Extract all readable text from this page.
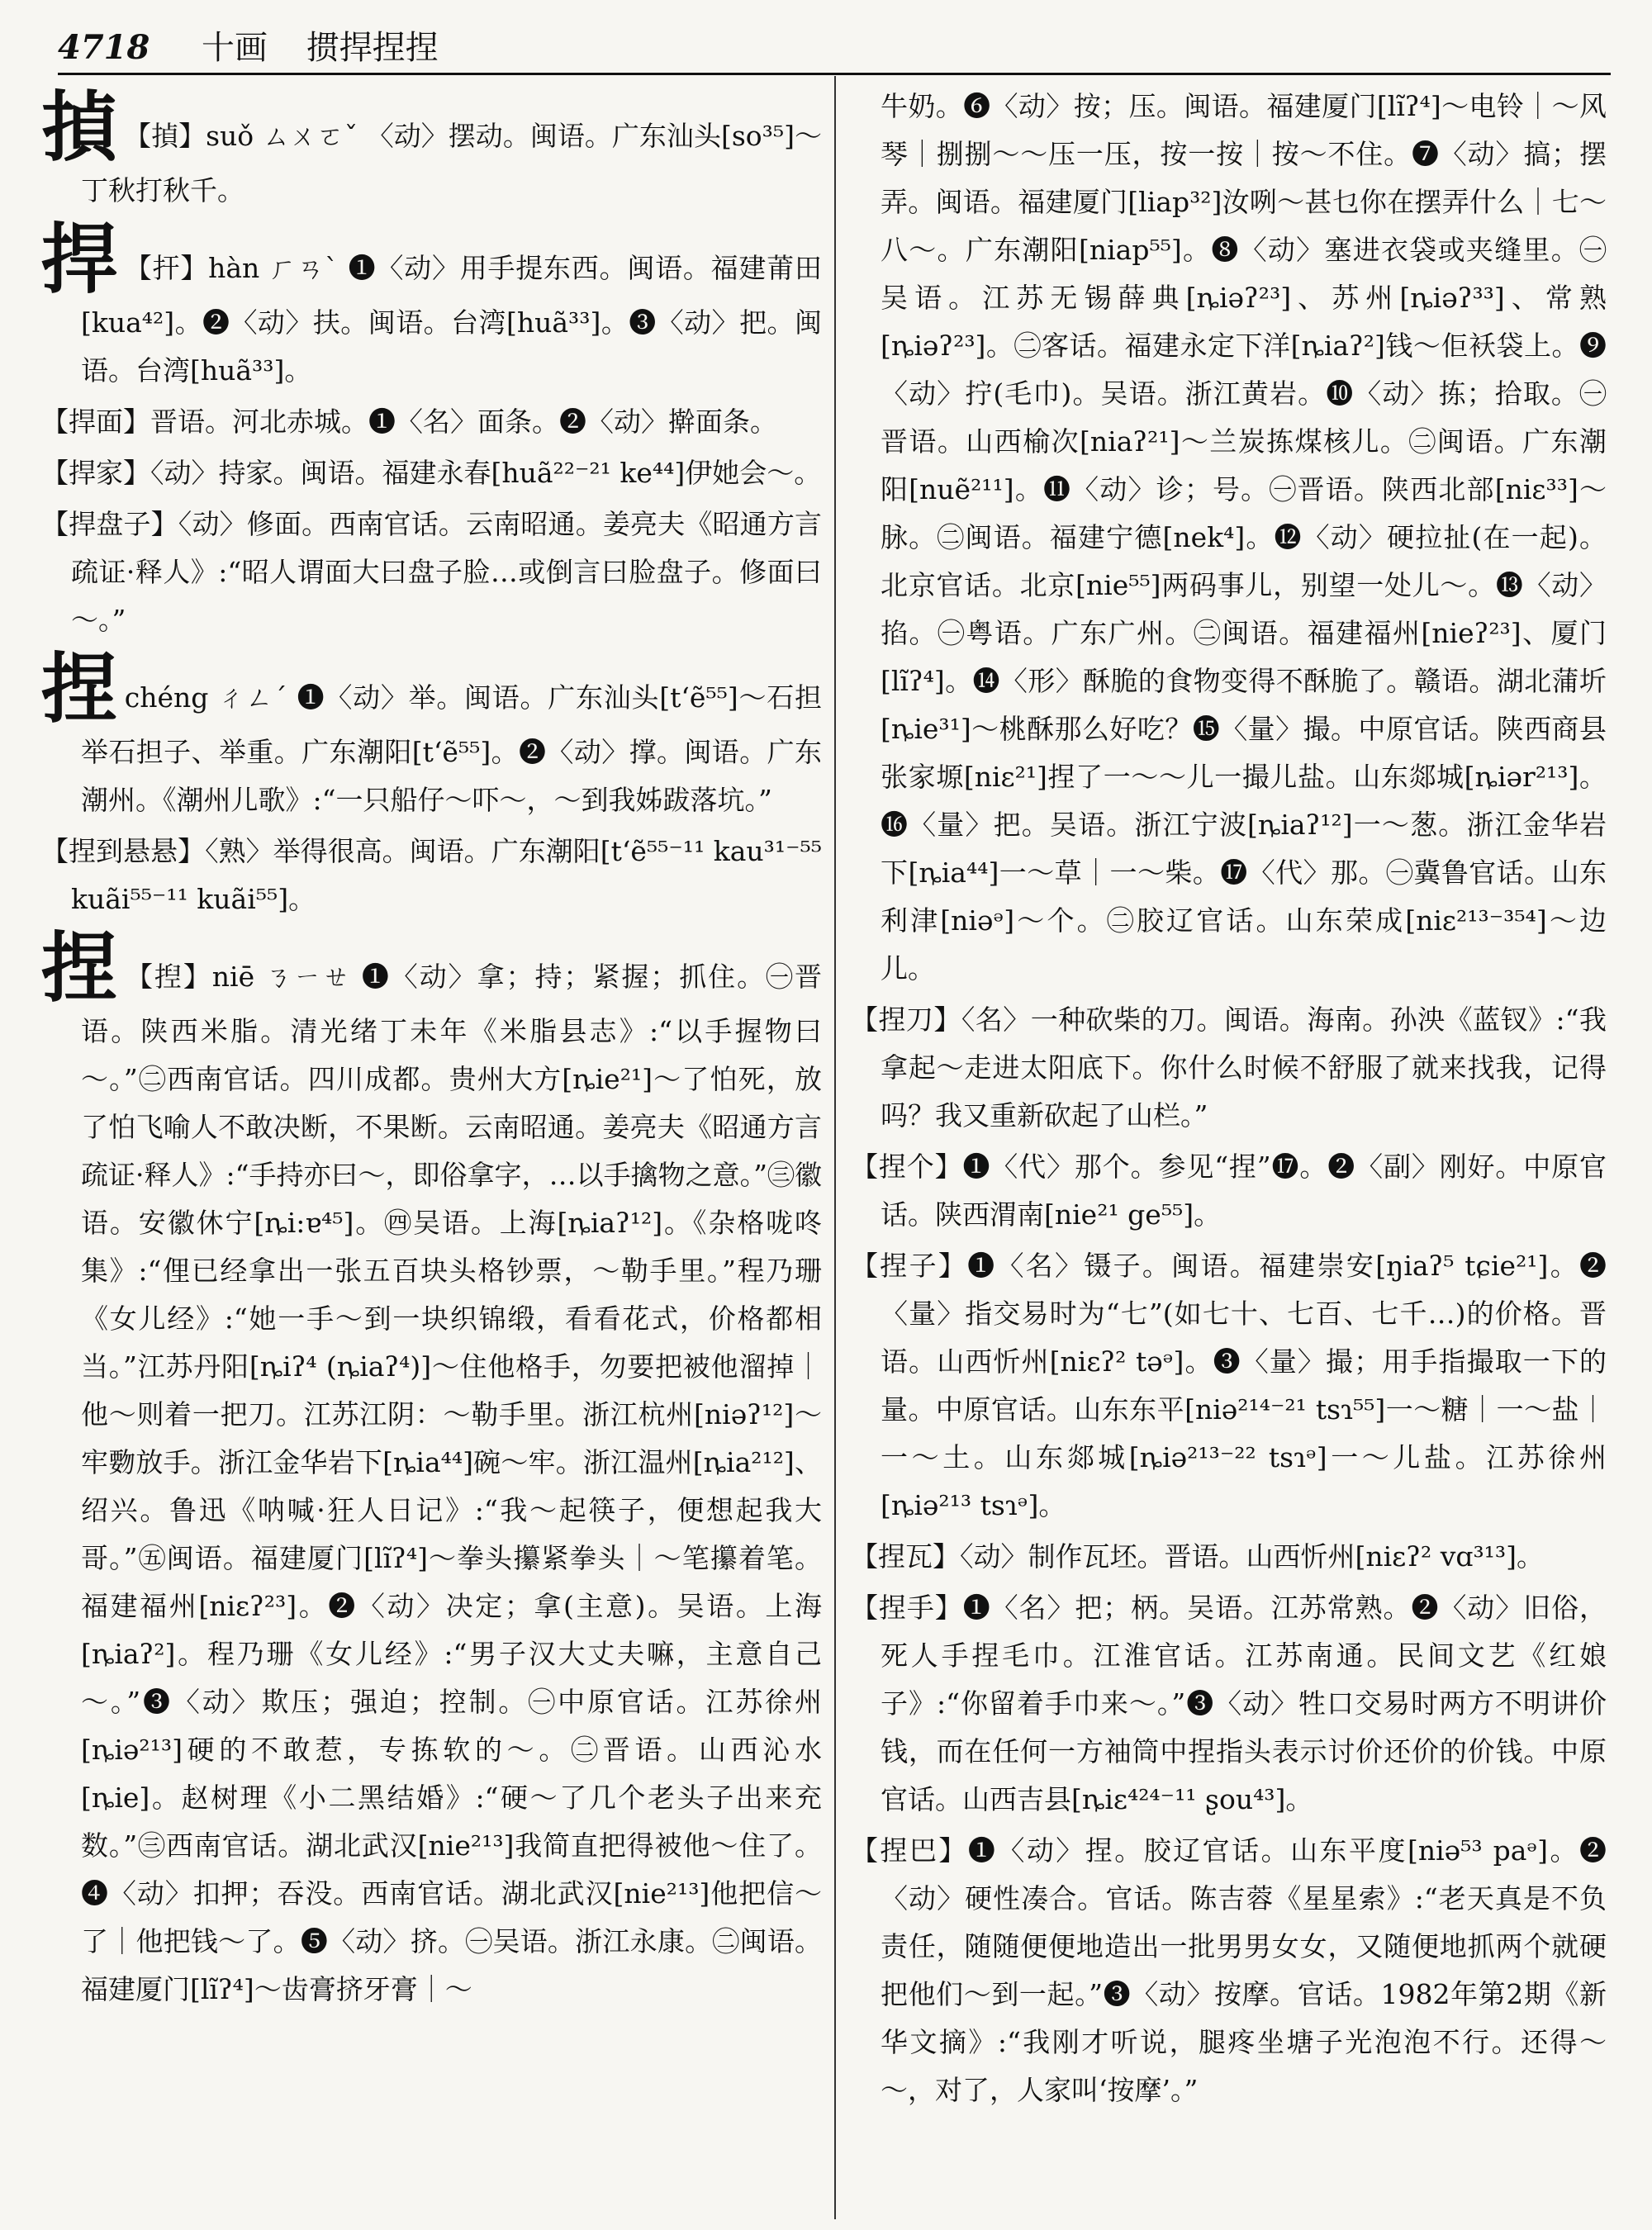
4718 十画 掼捍捏捏

揁 【揁】suǒ ㄙㄨㄛˇ 〈动〉摆动。闽语。广东汕头[so³⁵]～丁秋打秋千。

捍 【扞】hàn ㄏㄢˋ ❶〈动〉用手提东西。闽语。福建莆田[kua⁴²]。❷〈动〉扶。闽语。台湾[huã³³]。❸〈动〉把。闽语。台湾[huã³³]。

【捍面】晋语。河北赤城。❶〈名〉面条。❷〈动〉擀面条。

【捍家】〈动〉持家。闽语。福建永春[huã²²⁻²¹ ke⁴⁴]伊她会～。

【捍盘子】〈动〉修面。西南官话。云南昭通。姜亮夫《昭通方言疏证·释人》:“昭人谓面大曰盘子脸…或倒言曰脸盘子。修面曰～。”

捏chéng ㄔㄥˊ ❶〈动〉举。闽语。广东汕头[t‘ẽ⁵⁵]～石担举石担子、举重。广东潮阳[t‘ẽ⁵⁵]。❷〈动〉撑。闽语。广东潮州。《潮州儿歌》:“一只船仔～吓～，～到我姊跋落坑。”

【捏到悬悬】〈熟〉举得很高。闽语。广东潮阳[t‘ẽ⁵⁵⁻¹¹ kau³¹⁻⁵⁵ kuãi⁵⁵⁻¹¹ kuãi⁵⁵]。

捏 【揑】niē ㄋㄧㄝ ❶〈动〉拿；持；紧握；抓住。㊀晋语。陕西米脂。清光绪丁未年《米脂县志》:“以手握物曰～。”㊁西南官话。四川成都。贵州大方[ȵie²¹]～了怕死，放了怕飞喻人不敢决断，不果断。云南昭通。姜亮夫《昭通方言疏证·释人》:“手持亦曰～，即俗拿字，…以手擒物之意。”㊂徽语。安徽休宁[ȵi:ɐ⁴⁵]。㊃吴语。上海[ȵiaʔ¹²]。《杂格咙咚集》:“俚已经拿出一张五百块头格钞票，～勒手里。”程乃珊《女儿经》:“她一手～到一块织锦缎，看看花式，价格都相当。”江苏丹阳[ȵiʔ⁴ (ȵiaʔ⁴)]～住他格手，勿要把被他溜掉｜他～则着一把刀。江苏江阴：～勒手里。浙江杭州[niəʔ¹²]～牢覅放手。浙江金华岩下[ȵia⁴⁴]碗～牢。浙江温州[ȵia²¹²]、绍兴。鲁迅《呐喊·狂人日记》:“我～起筷子，便想起我大哥。”㊄闽语。福建厦门[lĩʔ⁴]～拳头攥紧拳头｜～笔攥着笔。福建福州[niɛʔ²³]。❷〈动〉决定；拿(主意)。吴语。上海[ȵiaʔ²]。程乃珊《女儿经》:“男子汉大丈夫嘛，主意自己～。”❸〈动〉欺压；强迫；控制。㊀中原官话。江苏徐州[ȵiə²¹³]硬的不敢惹，专拣软的～。㊁晋语。山西沁水[ȵie]。赵树理《小二黑结婚》:“硬～了几个老头子出来充数。”㊂西南官话。湖北武汉[nie²¹³]我简直把得被他～住了。❹〈动〉扣押；吞没。西南官话。湖北武汉[nie²¹³]他把信～了｜他把钱～了。❺〈动〉挤。㊀吴语。浙江永康。㊁闽语。福建厦门[lĩʔ⁴]～齿膏挤牙膏｜～

牛奶。❻〈动〉按；压。闽语。福建厦门[lĩʔ⁴]～电铃｜～风琴｜捌捌～～压一压，按一按｜按～不住。❼〈动〉搞；摆弄。闽语。福建厦门[liap³²]汝咧～甚乜你在摆弄什么｜七～八～。广东潮阳[niap⁵⁵]。❽〈动〉塞进衣袋或夹缝里。㊀吴语。江苏无锡薛典[ȵiəʔ²³]、苏州[ȵiəʔ³³]、常熟[ȵiəʔ²³]。㊁客话。福建永定下洋[ȵiaʔ²]钱～佢袄袋上。❾〈动〉拧(毛巾)。吴语。浙江黄岩。❿〈动〉拣；拾取。㊀晋语。山西榆次[niaʔ²¹]～兰炭拣煤核儿。㊁闽语。广东潮阳[nuẽ²¹¹]。⓫〈动〉诊；号。㊀晋语。陕西北部[niɛ³³]～脉。㊁闽语。福建宁德[nek⁴]。⓬〈动〉硬拉扯(在一起)。北京官话。北京[nie⁵⁵]两码事儿，别望一处儿～。⓭〈动〉掐。㊀粤语。广东广州。㊁闽语。福建福州[nieʔ²³]、厦门[lĩʔ⁴]。⓮〈形〉酥脆的食物变得不酥脆了。赣语。湖北蒲圻[ȵie³¹]～桃酥那么好吃？⓯〈量〉撮。中原官话。陕西商县张家塬[niɛ²¹]捏了一～～儿一撮儿盐。山东郯城[ȵiər²¹³]。⓰〈量〉把。吴语。浙江宁波[ȵiaʔ¹²]一～葱。浙江金华岩下[ȵia⁴⁴]一～草｜一～柴。⓱〈代〉那。㊀冀鲁官话。山东利津[niəᵊ]～个。㊁胶辽官话。山东荣成[niɛ²¹³⁻³⁵⁴]～边儿。

【捏刀】〈名〉一种砍柴的刀。闽语。海南。孙泱《蓝钗》:“我拿起～走进太阳底下。你什么时候不舒服了就来找我，记得吗？我又重新砍起了山栏。”

【捏个】❶〈代〉那个。参见“捏”⓱。❷〈副〉刚好。中原官话。陕西渭南[nie²¹ ge⁵⁵]。

【捏子】❶〈名〉镊子。闽语。福建崇安[ŋiaʔ⁵ tɕie²¹]。❷〈量〉指交易时为“七”(如七十、七百、七千…)的价格。晋语。山西忻州[niɛʔ² təᵊ]。❸〈量〉撮；用手指撮取一下的量。中原官话。山东东平[niə²¹⁴⁻²¹ tsɿ⁵⁵]一～糖｜一～盐｜一～土。山东郯城[ȵiə²¹³⁻²² tsɿᵊ]一～儿盐。江苏徐州[ȵiə²¹³ tsɿᵊ]。

【捏瓦】〈动〉制作瓦坯。晋语。山西忻州[niɛʔ² vɑ³¹³]。

【捏手】❶〈名〉把；柄。吴语。江苏常熟。❷〈动〉旧俗，死人手捏毛巾。江淮官话。江苏南通。民间文艺《红娘子》:“你留着手巾来～。”❸〈动〉牲口交易时两方不明讲价钱，而在任何一方袖筒中捏指头表示讨价还价的价钱。中原官话。山西吉县[ȵiɛ⁴²⁴⁻¹¹ ʂou⁴³]。

【捏巴】❶〈动〉捏。胶辽官话。山东平度[niə⁵³ paᵊ]。❷〈动〉硬性凑合。官话。陈吉蓉《星星索》:“老天真是不负责任，随随便便地造出一批男男女女，又随便地抓两个就硬把他们～到一起。”❸〈动〉按摩。官话。1982年第2期《新华文摘》:“我刚才听说，腿疼坐塘子光泡泡不行。还得～～，对了，人家叫‘按摩’。”
